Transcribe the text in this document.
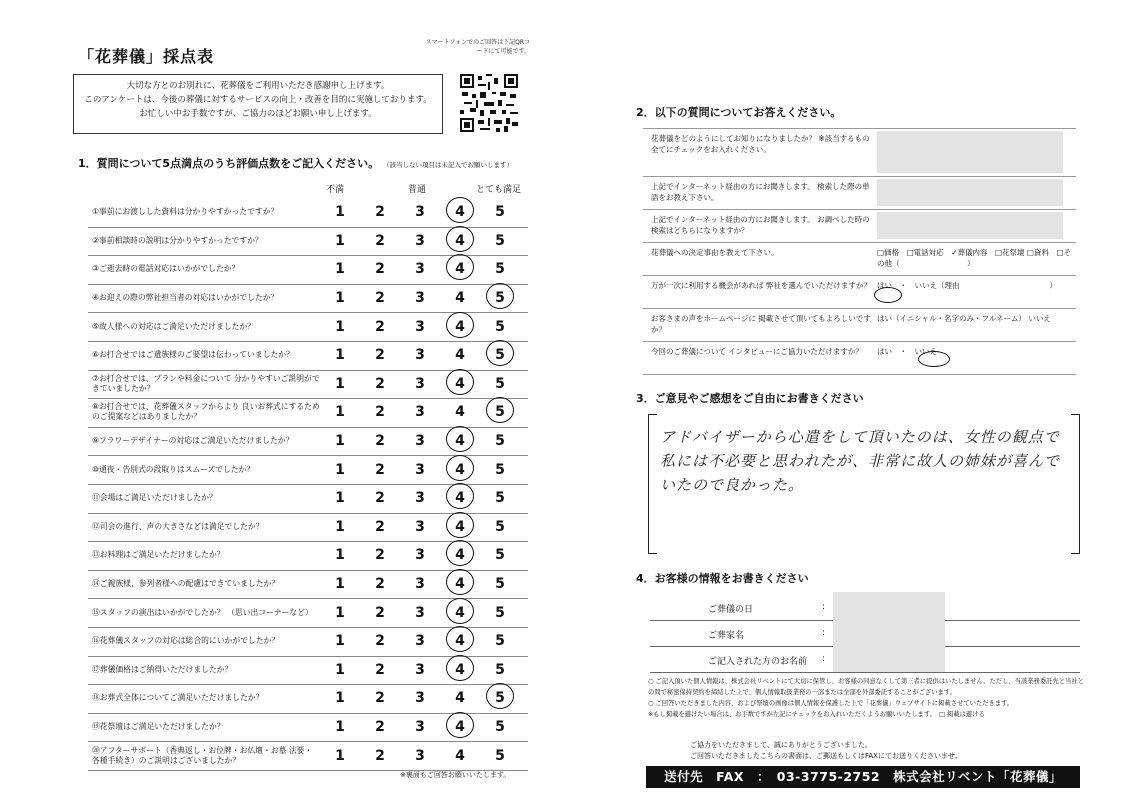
「花葬儀」採点表
スマートフォンでのご回答は下記QRコードにて可能です。
大切な方とのお別れに、花葬儀をご利用いただき感謝申し上げます。
このアンケートは、今後の葬儀に対するサービスの向上・改善を目的に実施しております。
お忙しい中お手数ですが、ご協力のほどお願い申し上げます。
1．質問について5点満点のうち評価点数をご記入ください。 （該当しない項目は未記入でお願いします）
不満	普通	とても満足
①事前にお渡しした資料は分かりやすかったですか？	1	2	3	4	5
②事前相談時の説明は分かりやすかったですか？	1	2	3	4	5
③ご逝去時の電話対応はいかがでしたか？	1	2	3	4	5
④お迎えの際の弊社担当者の対応はいかがでしたか？	1	2	3	4	5
⑤故人様への対応はご満足いただけましたか？	1	2	3	4	5
⑥お打合せではご遺族様のご要望は伝わっていましたか？	1	2	3	4	5
⑦お打合せでは、プランや料金について 分かりやすいご説明ができていましたか？	1	2	3	4	5
⑧お打合せでは、花葬儀スタッフからより 良いお葬式にするためのご提案などはありましたか？	1	2	3	4	5
⑨フラワーデザイナーの対応はご満足いただけましたか？	1	2	3	4	5
⑩通夜・告別式の段取りはスムーズでしたか？	1	2	3	4	5
⑪会場はご満足いただけましたか？	1	2	3	4	5
⑫司会の進行、声の大きさなどは満足でしたか？	1	2	3	4	5
⑬お料理はご満足いただけましたか？	1	2	3	4	5
⑭ご親族様、参列者様への配慮はできていましたか？	1	2	3	4	5
⑮スタッフの演出はいかがでしたか？ （思い出コーナーなど）	1	2	3	4	5
⑯花葬儀スタッフの対応は総合的にいかがでしたか？	1	2	3	4	5
⑰葬儀価格はご納得いただけましたか？	1	2	3	4	5
⑱お葬式全体についてご満足いただけましたか？	1	2	3	4	5
⑲花祭壇はご満足いただけましたか？	1	2	3	4	5
⑳アフターサポート（香典返し・お位牌・お仏壇・お墓 法要・各種手続き）のご説明はございましたか？	1	2	3	4	5
※裏面もご回答お願いいたします。
2．以下の質問についてお答えください。
花葬儀をどのようにしてお知りになりましたか？ ※該当するもの全てにチェックをお入れください。
上記でインターネット経由の方にお聞きします。 検索した際の単語をお教え下さい。
上記でインターネット経由の方にお聞きします。 お調べした時の検索はどちらになりますか？
花葬儀への決定事由を教えて下さい。	□価格　□電話対応　✓葬儀内容　□花祭壇 □資料　□その他（　　　　　　　　　）
万が一次に利用する機会があれば 弊社を選んでいただけますか？ はい　・　いいえ（理由　　　　　　　　　　　　）
お客さまの声をホームページに 掲載させて頂いてもよろしいですか？
はい（イニシャル・名字のみ・フルネーム） いいえ
今回のご葬儀について インタビューにご協力いただけますか？	はい　・　いいえ
3．ご意見やご感想をご自由にお書きください
アドバイザーから心遣をして頂いたのは、女性の観点で私には不必要と思われたが、非常に故人の姉妹が喜んでいたので良かった。
4．お客様の情報をお書きください
ご葬儀の日	:
ご葬家名	:
ご記入された方のお名前 :
○ ご記入頂いた個人情報は、株式会社リベントにて大切に保管し、お客様の同意なくして第三者に提供はいたしません。ただし、当該業務委託先と当社との間で秘密保持契約を締結した上で、個人情報取扱業務の一部または全部を外部委託することがございます。
○ ご回答いただきました内容、および祭壇の画像は個人情報を保護した上で「花葬儀」ウェブサイトに掲載させていただきます。
※もし掲載を避けたい場合は、お手数ですが左記にチェックをお入れいただくようお願いいたします。　□ 掲載は避ける
ご協力をいただきまして、誠にありがとうございました。
ご回答いただきましたこちらの書面は、ご郵送もしくはFAXにてお送りくださいませ。
送付先　FAX　：　03-3775-2752　株式会社リベント「花葬儀」
